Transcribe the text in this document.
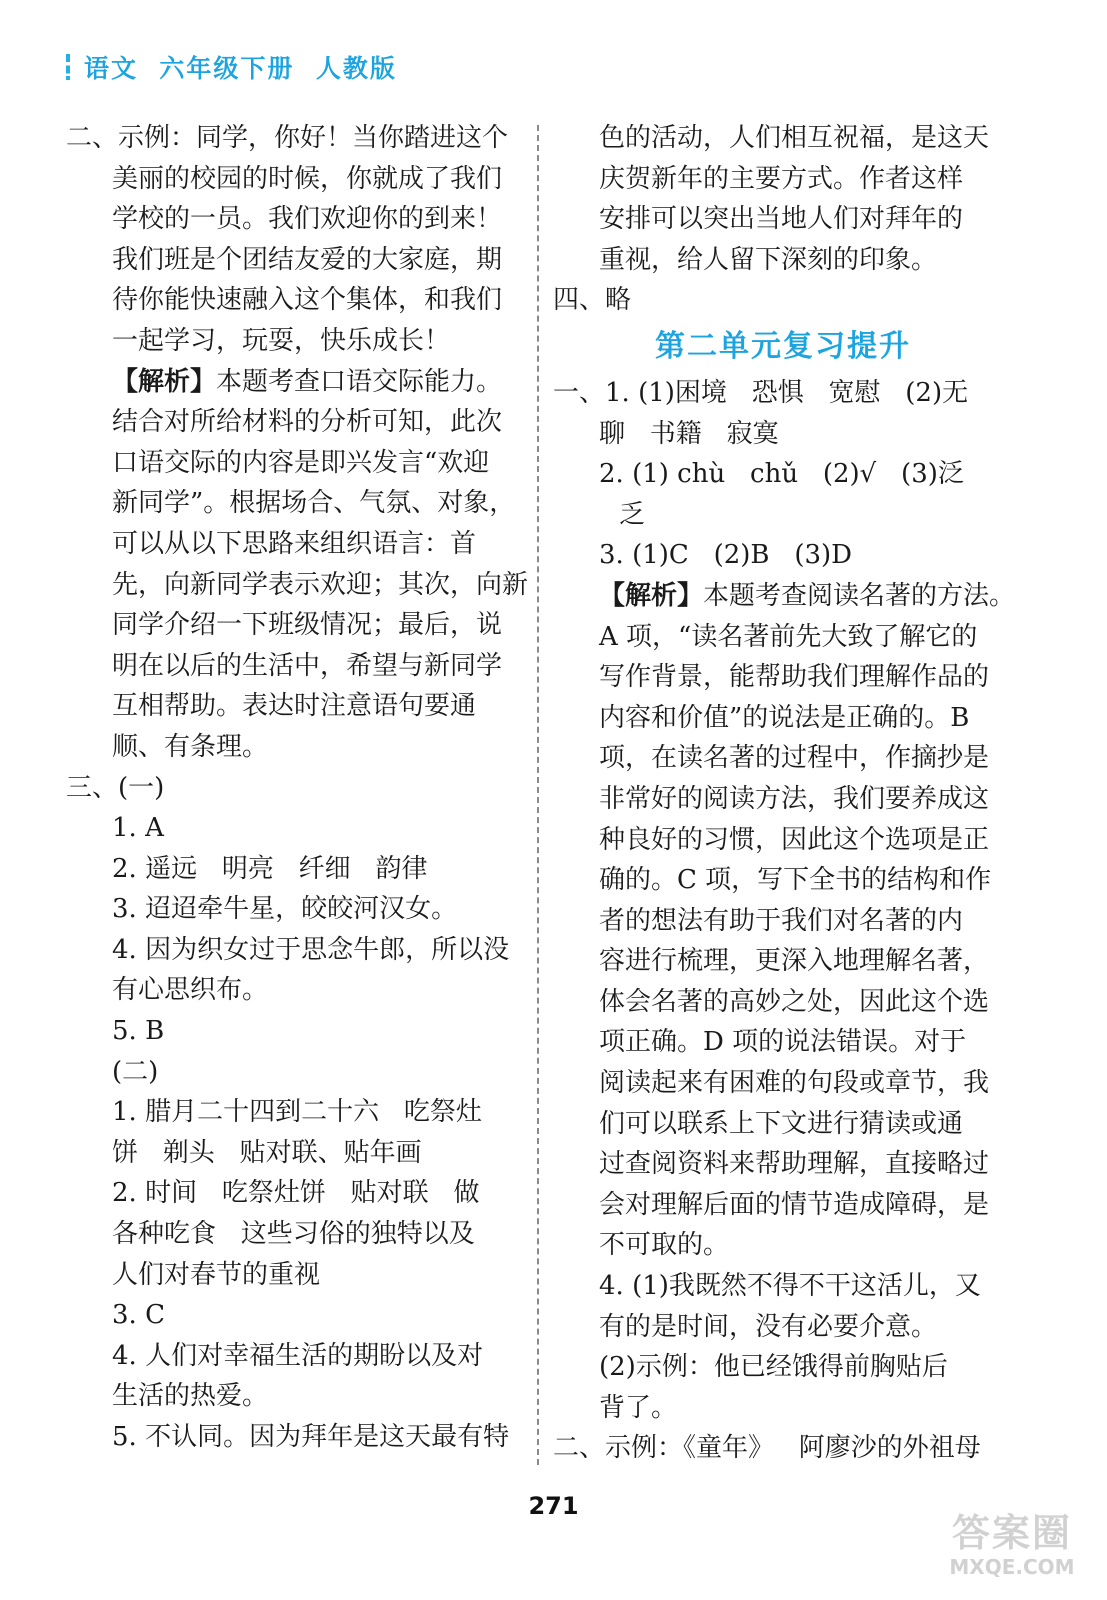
语文  六年级下册  人教版
二、示例：同学，你好！当你踏进这个
美丽的校园的时候，你就成了我们
学校的一员。我们欢迎你的到来！
我们班是个团结友爱的大家庭，期
待你能快速融入这个集体，和我们
一起学习，玩耍，快乐成长！
【解析】本题考查口语交际能力。
结合对所给材料的分析可知，此次
口语交际的内容是即兴发言“欢迎
新同学”。根据场合、气氛、对象，
可以从以下思路来组织语言：首
先，向新同学表示欢迎；其次，向新
同学介绍一下班级情况；最后，说
明在以后的生活中，希望与新同学
互相帮助。表达时注意语句要通
顺、有条理。
三、(一)
1. A
2. 遥远   明亮   纤细   韵律
3. 迢迢牵牛星，皎皎河汉女。
4. 因为织女过于思念牛郎，所以没
有心思织布。
5. B
(二)
1. 腊月二十四到二十六   吃祭灶
饼   剃头   贴对联、贴年画
2. 时间   吃祭灶饼   贴对联   做
各种吃食   这些习俗的独特以及
人们对春节的重视
3. C
4. 人们对幸福生活的期盼以及对
生活的热爱。
5. 不认同。因为拜年是这天最有特
色的活动，人们相互祝福，是这天
庆贺新年的主要方式。作者这样
安排可以突出当地人们对拜年的
重视，给人留下深刻的印象。
四、略
第二单元复习提升
一、1. (1)困境   恐惧   宽慰   (2)无
聊   书籍   寂寞
2. (1) chù   chǔ   (2)√   (3)泛
乏
3. (1)C   (2)B   (3)D
【解析】本题考查阅读名著的方法。
A 项，“读名著前先大致了解它的
写作背景，能帮助我们理解作品的
内容和价值”的说法是正确的。B
项，在读名著的过程中，作摘抄是
非常好的阅读方法，我们要养成这
种良好的习惯，因此这个选项是正
确的。C 项，写下全书的结构和作
者的想法有助于我们对名著的内
容进行梳理，更深入地理解名著，
体会名著的高妙之处，因此这个选
项正确。D 项的说法错误。对于
阅读起来有困难的句段或章节，我
们可以联系上下文进行猜读或通
过查阅资料来帮助理解，直接略过
会对理解后面的情节造成障碍，是
不可取的。
4. (1)我既然不得不干这活儿，又
有的是时间，没有必要介意。
(2)示例：他已经饿得前胸贴后
背了。
二、示例：《童年》   阿廖沙的外祖母
271
答案圈
MXQE.COM
